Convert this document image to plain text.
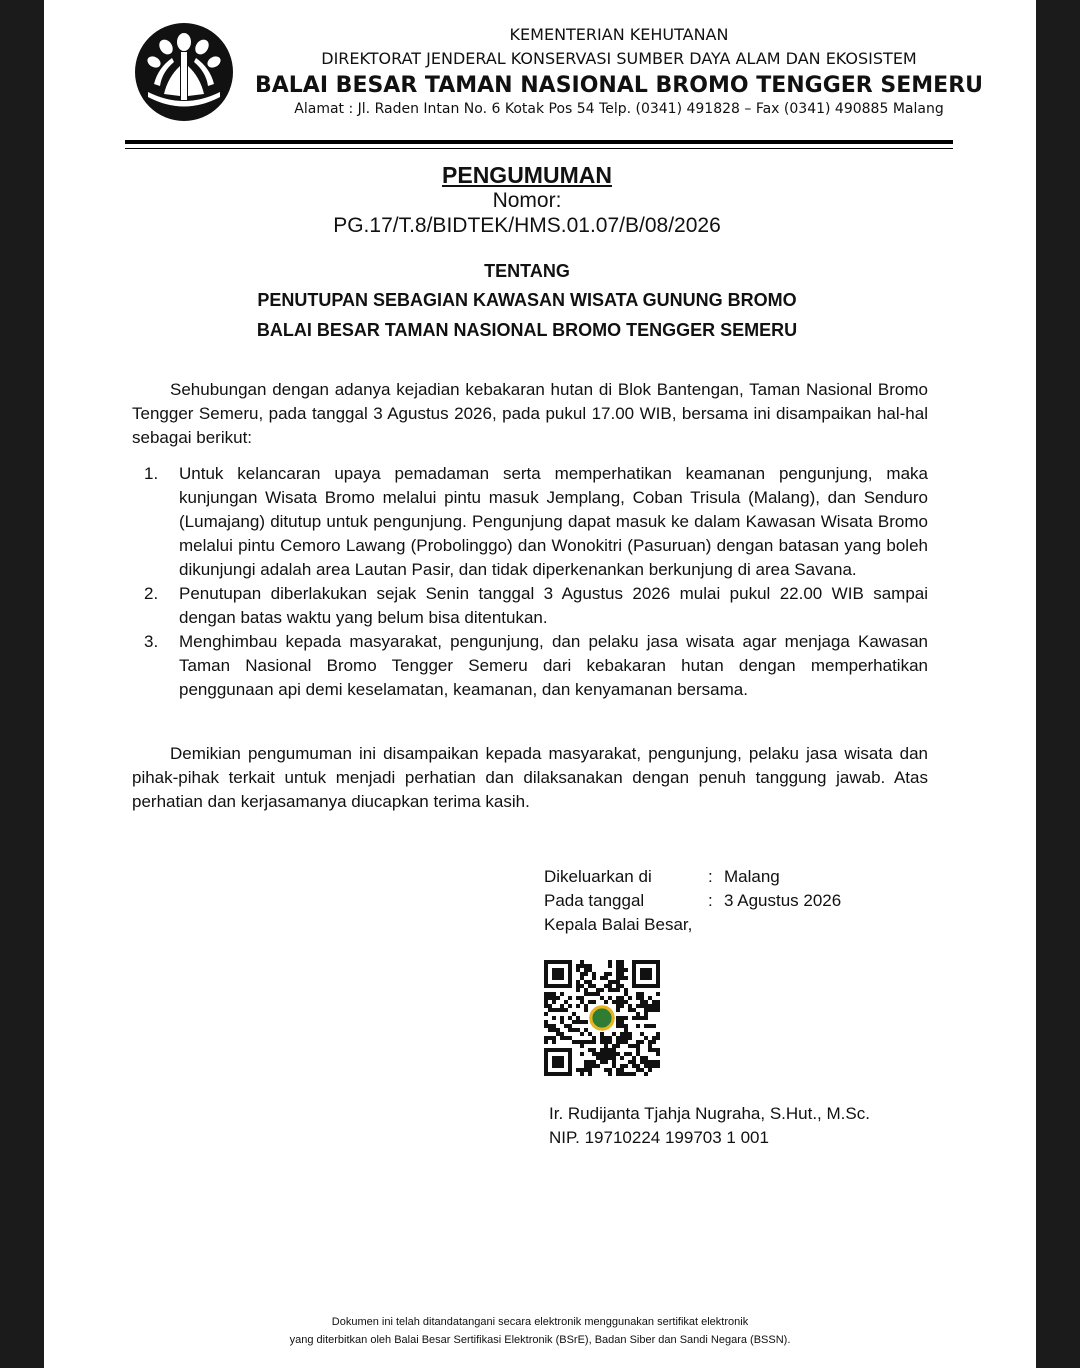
KEMENTERIAN KEHUTANAN
DIREKTORAT JENDERAL KONSERVASI SUMBER DAYA ALAM DAN EKOSISTEM
BALAI BESAR TAMAN NASIONAL BROMO TENGGER SEMERU
Alamat : Jl. Raden Intan No. 6 Kotak Pos 54 Telp. (0341) 491828 – Fax (0341) 490885 Malang
PENGUMUMAN
Nomor:
PG.17/T.8/BIDTEK/HMS.01.07/B/08/2026
TENTANG
PENUTUPAN SEBAGIAN KAWASAN WISATA GUNUNG BROMO
BALAI BESAR TAMAN NASIONAL BROMO TENGGER SEMERU
Sehubungan dengan adanya kejadian kebakaran hutan di Blok Bantengan, Taman Nasional Bromo Tengger Semeru, pada tanggal 3 Agustus 2026, pada pukul 17.00 WIB, bersama ini disampaikan hal-hal sebagai berikut:
1.	Untuk kelancaran upaya pemadaman serta memperhatikan keamanan pengunjung, maka kunjungan Wisata Bromo melalui pintu masuk Jemplang, Coban Trisula (Malang), dan Senduro (Lumajang) ditutup untuk pengunjung. Pengunjung dapat masuk ke dalam Kawasan Wisata Bromo melalui pintu Cemoro Lawang (Probolinggo) dan Wonokitri (Pasuruan) dengan batasan yang boleh dikunjungi adalah area Lautan Pasir, dan tidak diperkenankan berkunjung di area Savana.
2.	Penutupan diberlakukan sejak Senin tanggal 3 Agustus 2026 mulai pukul 22.00 WIB sampai dengan batas waktu yang belum bisa ditentukan.
3.	Menghimbau kepada masyarakat, pengunjung, dan pelaku jasa wisata agar menjaga Kawasan Taman Nasional Bromo Tengger Semeru dari kebakaran hutan dengan memperhatikan penggunaan api demi keselamatan, keamanan, dan kenyamanan bersama.
Demikian pengumuman ini disampaikan kepada masyarakat, pengunjung, pelaku jasa wisata dan pihak-pihak terkait untuk menjadi perhatian dan dilaksanakan dengan penuh tanggung jawab. Atas perhatian dan kerjasamanya diucapkan terima kasih.
Dikeluarkan di	: Malang
Pada tanggal	: 3 Agustus 2026
Kepala Balai Besar,
Ir. Rudijanta Tjahja Nugraha, S.Hut., M.Sc.
NIP. 19710224 199703 1 001
Dokumen ini telah ditandatangani secara elektronik menggunakan sertifikat elektronik
yang diterbitkan oleh Balai Besar Sertifikasi Elektronik (BSrE), Badan Siber dan Sandi Negara (BSSN).
